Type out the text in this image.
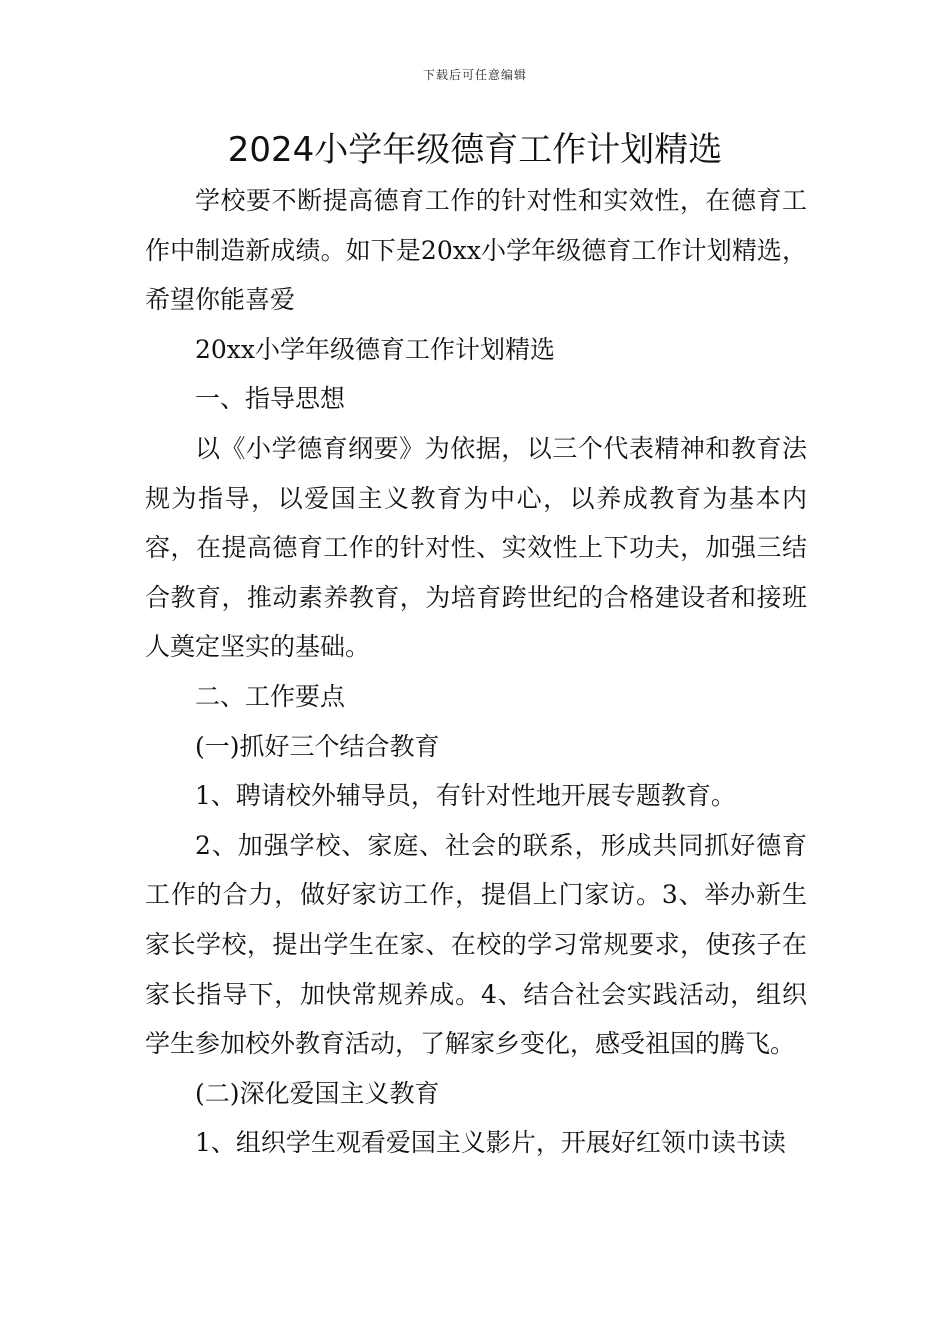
下载后可任意编辑
2024小学年级德育工作计划精选

学校要不断提高德育工作的针对性和实效性，在德育工作中制造新成绩。如下是20xx小学年级德育工作计划精选，希望你能喜爱

20xx小学年级德育工作计划精选

一、指导思想

以《小学德育纲要》为依据，以三个代表精神和教育法规为指导，以爱国主义教育为中心，以养成教育为基本内容，在提高德育工作的针对性、实效性上下功夫，加强三结合教育，推动素养教育，为培育跨世纪的合格建设者和接班人奠定坚实的基础。

二、工作要点

(一)抓好三个结合教育

1、聘请校外辅导员，有针对性地开展专题教育。

2、加强学校、家庭、社会的联系，形成共同抓好德育工作的合力，做好家访工作，提倡上门家访。3、举办新生家长学校，提出学生在家、在校的学习常规要求，使孩子在家长指导下，加快常规养成。4、结合社会实践活动，组织学生参加校外教育活动，了解家乡变化，感受祖国的腾飞。

(二)深化爱国主义教育

1、组织学生观看爱国主义影片，开展好红领巾读书读
